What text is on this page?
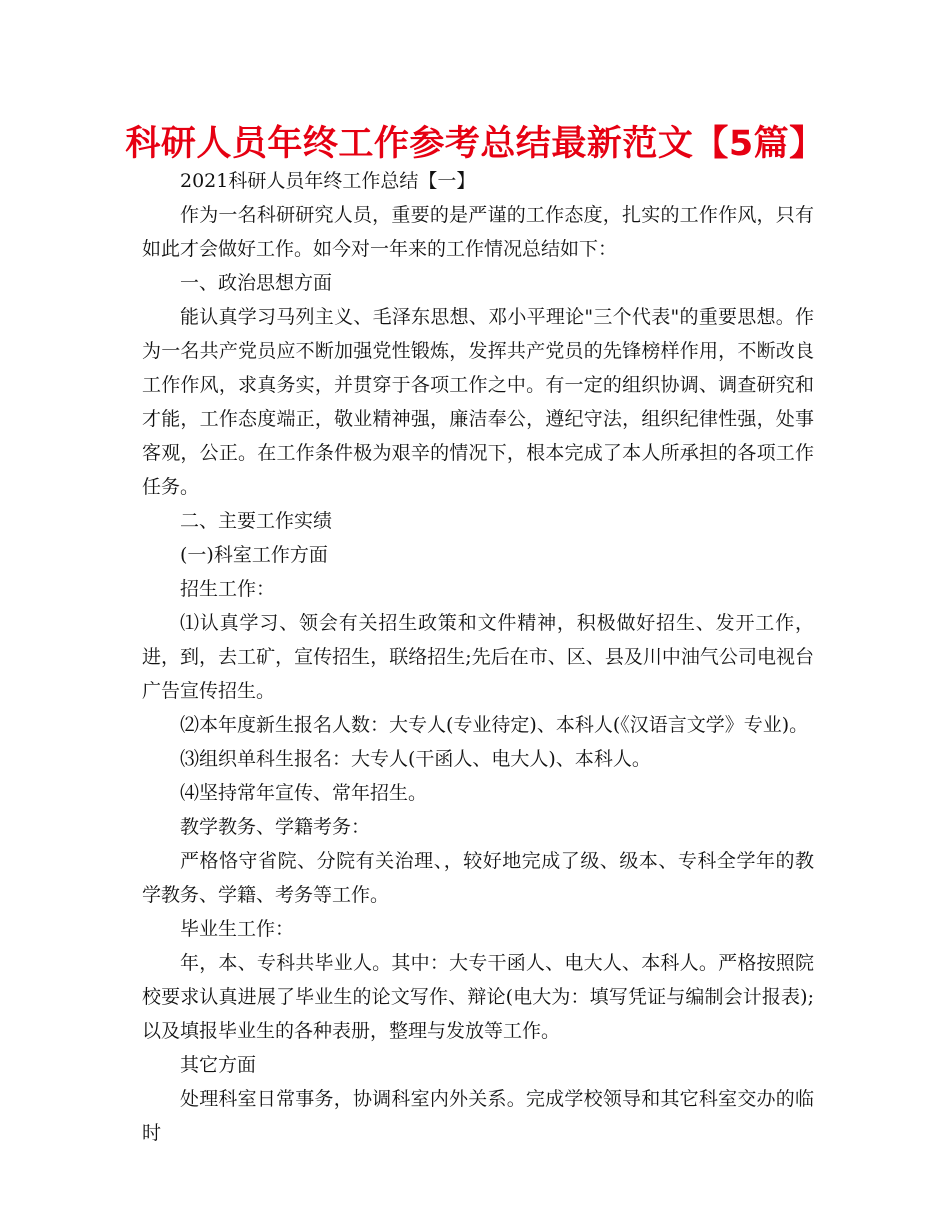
科研人员年终工作参考总结最新范文【5篇】

2021科研人员年终工作总结【一】

作为一名科研研究人员，重要的是严谨的工作态度，扎实的工作作风，只有如此才会做好工作。如今对一年来的工作情况总结如下：

一、政治思想方面

能认真学习马列主义、毛泽东思想、邓小平理论"三个代表"的重要思想。作为一名共产党员应不断加强党性锻炼，发挥共产党员的先锋榜样作用，不断改良工作作风，求真务实，并贯穿于各项工作之中。有一定的组织协调、调查研究和才能，工作态度端正，敬业精神强，廉洁奉公，遵纪守法，组织纪律性强，处事客观，公正。在工作条件极为艰辛的情况下，根本完成了本人所承担的各项工作任务。

二、主要工作实绩

(一)科室工作方面

招生工作：

⑴认真学习、领会有关招生政策和文件精神，积极做好招生、发开工作，进，到，去工矿，宣传招生，联络招生;先后在市、区、县及川中油气公司电视台广告宣传招生。

⑵本年度新生报名人数：大专人(专业待定)、本科人(《汉语言文学》专业)。

⑶组织单科生报名：大专人(干函人、电大人)、本科人。

⑷坚持常年宣传、常年招生。

教学教务、学籍考务：

严格恪守省院、分院有关治理、，较好地完成了级、级本、专科全学年的教学教务、学籍、考务等工作。

毕业生工作：

年，本、专科共毕业人。其中：大专干函人、电大人、本科人。严格按照院校要求认真进展了毕业生的论文写作、辩论(电大为：填写凭证与编制会计报表);以及填报毕业生的各种表册，整理与发放等工作。

其它方面

处理科室日常事务，协调科室内外关系。完成学校领导和其它科室交办的临时
